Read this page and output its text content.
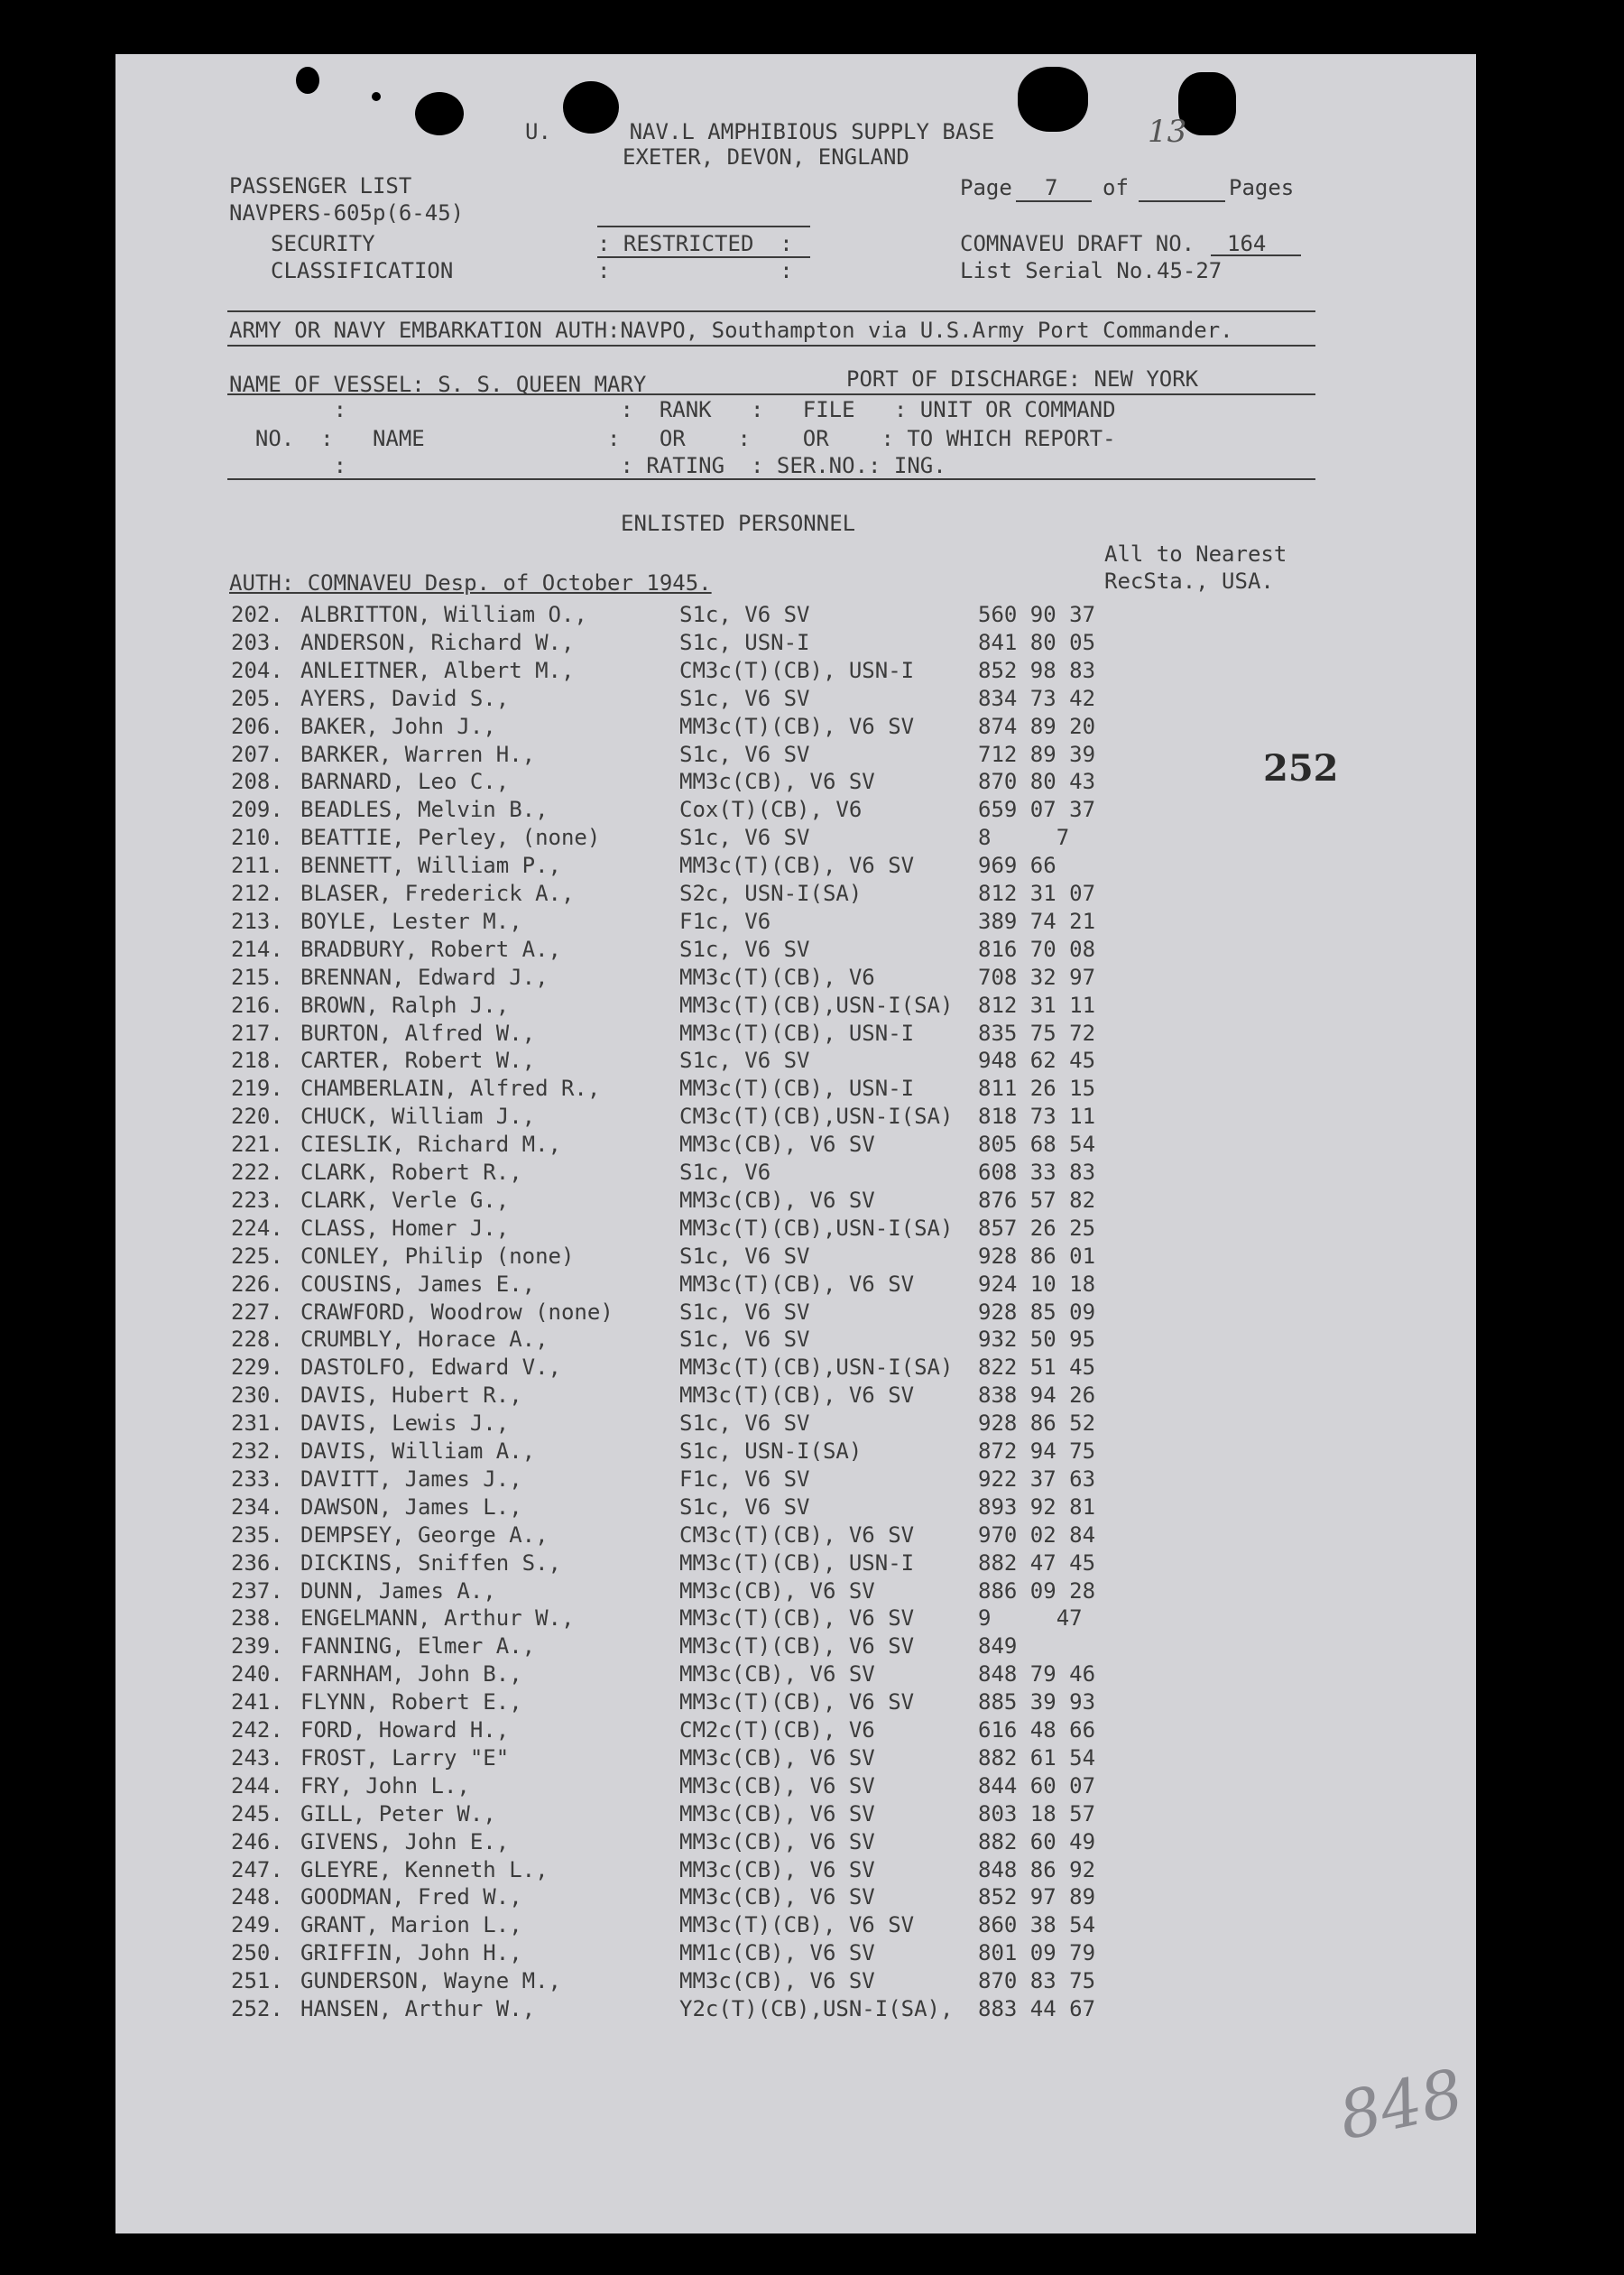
U.      NAV.L AMPHIBIOUS SUPPLY BASE
EXETER, DEVON, ENGLAND
13
PASSENGER LIST
NAVPERS-605p(6-45)
SECURITY
CLASSIFICATION
: RESTRICTED  :
:             :
Page 7 of	Pages
COMNAVEU DRAFT NO. 164
List Serial No. 45-27
ARMY OR NAVY EMBARKATION AUTH:NAVPO, Southampton via U.S.Army Port Commander.
NAME OF VESSEL: S. S. QUEEN MARY	PORT OF DISCHARGE: NEW YORK
:                     :  RANK   :   FILE   : UNIT OR COMMAND
NO.  :   NAME              :   OR    :    OR    : TO WHICH REPORT-
:                     : RATING  : SER.NO.: ING.
ENLISTED PERSONNEL
All to Nearest
RecSta., USA.
AUTH: COMNAVEU Desp. of October 1945.
252
848
202. ALBRITTON, William O.,	S1c, V6 SV	560 90 37
203. ANDERSON, Richard W.,	S1c, USN-I	841 80 05
204. ANLEITNER, Albert M.,	CM3c(T)(CB), USN-I	852 98 83
205. AYERS, David S.,	S1c, V6 SV	834 73 42
206. BAKER, John J.,	MM3c(T)(CB), V6 SV	874 89 20
207. BARKER, Warren H.,	S1c, V6 SV	712 89 39
208. BARNARD, Leo C.,	MM3c(CB), V6 SV	870 80 43
209. BEADLES, Melvin B.,	Cox(T)(CB), V6	659 07 37
210. BEATTIE, Perley, (none)	S1c, V6 SV	8     7
211. BENNETT, William P.,	MM3c(T)(CB), V6 SV	969 66
212. BLASER, Frederick A.,	S2c, USN-I(SA)	812 31 07
213. BOYLE, Lester M.,	F1c, V6	389 74 21
214. BRADBURY, Robert A.,	S1c, V6 SV	816 70 08
215. BRENNAN, Edward J.,	MM3c(T)(CB), V6	708 32 97
216. BROWN, Ralph J.,	MM3c(T)(CB),USN-I(SA) 812 31 11
217. BURTON, Alfred W.,	MM3c(T)(CB), USN-I	835 75 72
218. CARTER, Robert W.,	S1c, V6 SV	948 62 45
219. CHAMBERLAIN, Alfred R.,	MM3c(T)(CB), USN-I	811 26 15
220. CHUCK, William J.,	CM3c(T)(CB),USN-I(SA) 818 73 11
221. CIESLIK, Richard M.,	MM3c(CB), V6 SV	805 68 54
222. CLARK, Robert R.,	S1c, V6	608 33 83
223. CLARK, Verle G.,	MM3c(CB), V6 SV	876 57 82
224. CLASS, Homer J.,	MM3c(T)(CB),USN-I(SA) 857 26 25
225. CONLEY, Philip (none)	S1c, V6 SV	928 86 01
226. COUSINS, James E.,	MM3c(T)(CB), V6 SV	924 10 18
227. CRAWFORD, Woodrow (none)	S1c, V6 SV	928 85 09
228. CRUMBLY, Horace A.,	S1c, V6 SV	932 50 95
229. DASTOLFO, Edward V.,	MM3c(T)(CB),USN-I(SA) 822 51 45
230. DAVIS, Hubert R.,	MM3c(T)(CB), V6 SV	838 94 26
231. DAVIS, Lewis J.,	S1c, V6 SV	928 86 52
232. DAVIS, William A.,	S1c, USN-I(SA)	872 94 75
233. DAVITT, James J.,	F1c, V6 SV	922 37 63
234. DAWSON, James L.,	S1c, V6 SV	893 92 81
235. DEMPSEY, George A.,	CM3c(T)(CB), V6 SV	970 02 84
236. DICKINS, Sniffen S.,	MM3c(T)(CB), USN-I	882 47 45
237. DUNN, James A.,	MM3c(CB), V6 SV	886 09 28
238. ENGELMANN, Arthur W.,	MM3c(T)(CB), V6 SV	9     47
239. FANNING, Elmer A.,	MM3c(T)(CB), V6 SV	849
240. FARNHAM, John B.,	MM3c(CB), V6 SV	848 79 46
241. FLYNN, Robert E.,	MM3c(T)(CB), V6 SV	885 39 93
242. FORD, Howard H.,	CM2c(T)(CB), V6	616 48 66
243. FROST, Larry "E"	MM3c(CB), V6 SV	882 61 54
244. FRY, John L.,	MM3c(CB), V6 SV	844 60 07
245. GILL, Peter W.,	MM3c(CB), V6 SV	803 18 57
246. GIVENS, John E.,	MM3c(CB), V6 SV	882 60 49
247. GLEYRE, Kenneth L.,	MM3c(CB), V6 SV	848 86 92
248. GOODMAN, Fred W.,	MM3c(CB), V6 SV	852 97 89
249. GRANT, Marion L.,	MM3c(T)(CB), V6 SV	860 38 54
250. GRIFFIN, John H.,	MM1c(CB), V6 SV	801 09 79
251. GUNDERSON, Wayne M.,	MM3c(CB), V6 SV	870 83 75
252. HANSEN, Arthur W.,	Y2c(T)(CB),USN-I(SA), 883 44 67
